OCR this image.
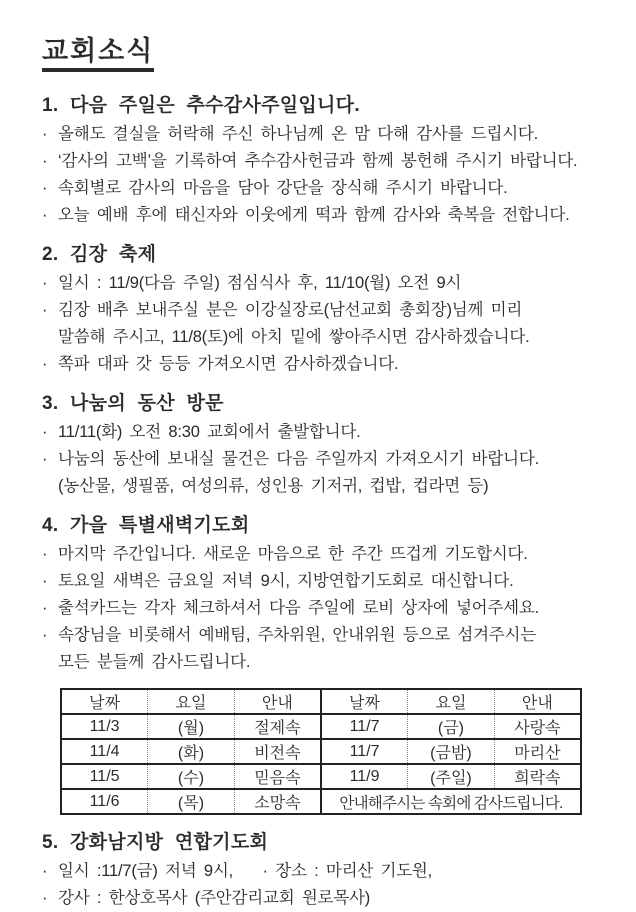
교회소식
1. 다음 주일은 추수감사주일입니다.
· 올해도 결실을 허락해 주신 하나님께 온 맘 다해 감사를 드립시다.
· ‘감사의 고백’을 기록하여 추수감사헌금과 함께 봉헌해 주시기 바랍니다.
· 속회별로 감사의 마음을 담아 강단을 장식해 주시기 바랍니다.
· 오늘 예배 후에 태신자와 이웃에게 떡과 함께 감사와 축복을 전합니다.
2. 김장 축제
· 일시 : 11/9(다음 주일) 점심식사 후, 11/10(월) 오전 9시
· 김장 배추 보내주실 분은 이강실장로(남선교회 총회장)님께 미리
말씀해 주시고, 11/8(토)에 아치 밑에 쌓아주시면 감사하겠습니다.
· 쪽파 대파 갓 등등 가져오시면 감사하겠습니다.
3. 나눔의 동산 방문
· 11/11(화) 오전 8:30 교회에서 출발합니다.
· 나눔의 동산에 보내실 물건은 다음 주일까지 가져오시기 바랍니다.
(농산물, 생필품, 여성의류, 성인용 기저귀, 컵밥, 컵라면 등)
4. 가을 특별새벽기도회
· 마지막 주간입니다. 새로운 마음으로 한 주간 뜨겁게 기도합시다.
· 토요일 새벽은 금요일 저녁 9시, 지방연합기도회로 대신합니다.
· 출석카드는 각자 체크하셔서 다음 주일에 로비 상자에 넣어주세요.
· 속장님을 비롯해서 예배팀, 주차위원, 안내위원 등으로 섬겨주시는
모든 분들께 감사드립니다.
날짜	요일	안내	날짜	요일	안내
11/3	(월)	절제속	11/7	(금)	사랑속
11/4	(화)	비전속	11/7	(금밤)	마리산
11/5	(수)	믿음속	11/9	(주일)	희락속
11/6	(목)	소망속	안내해주시는 속회에 감사드립니다.		
5. 강화남지방 연합기도회
· 일시 :11/7(금) 저녁 9시,    · 장소 : 마리산 기도원,
· 강사 : 한상호목사 (주안감리교회 원로목사)
